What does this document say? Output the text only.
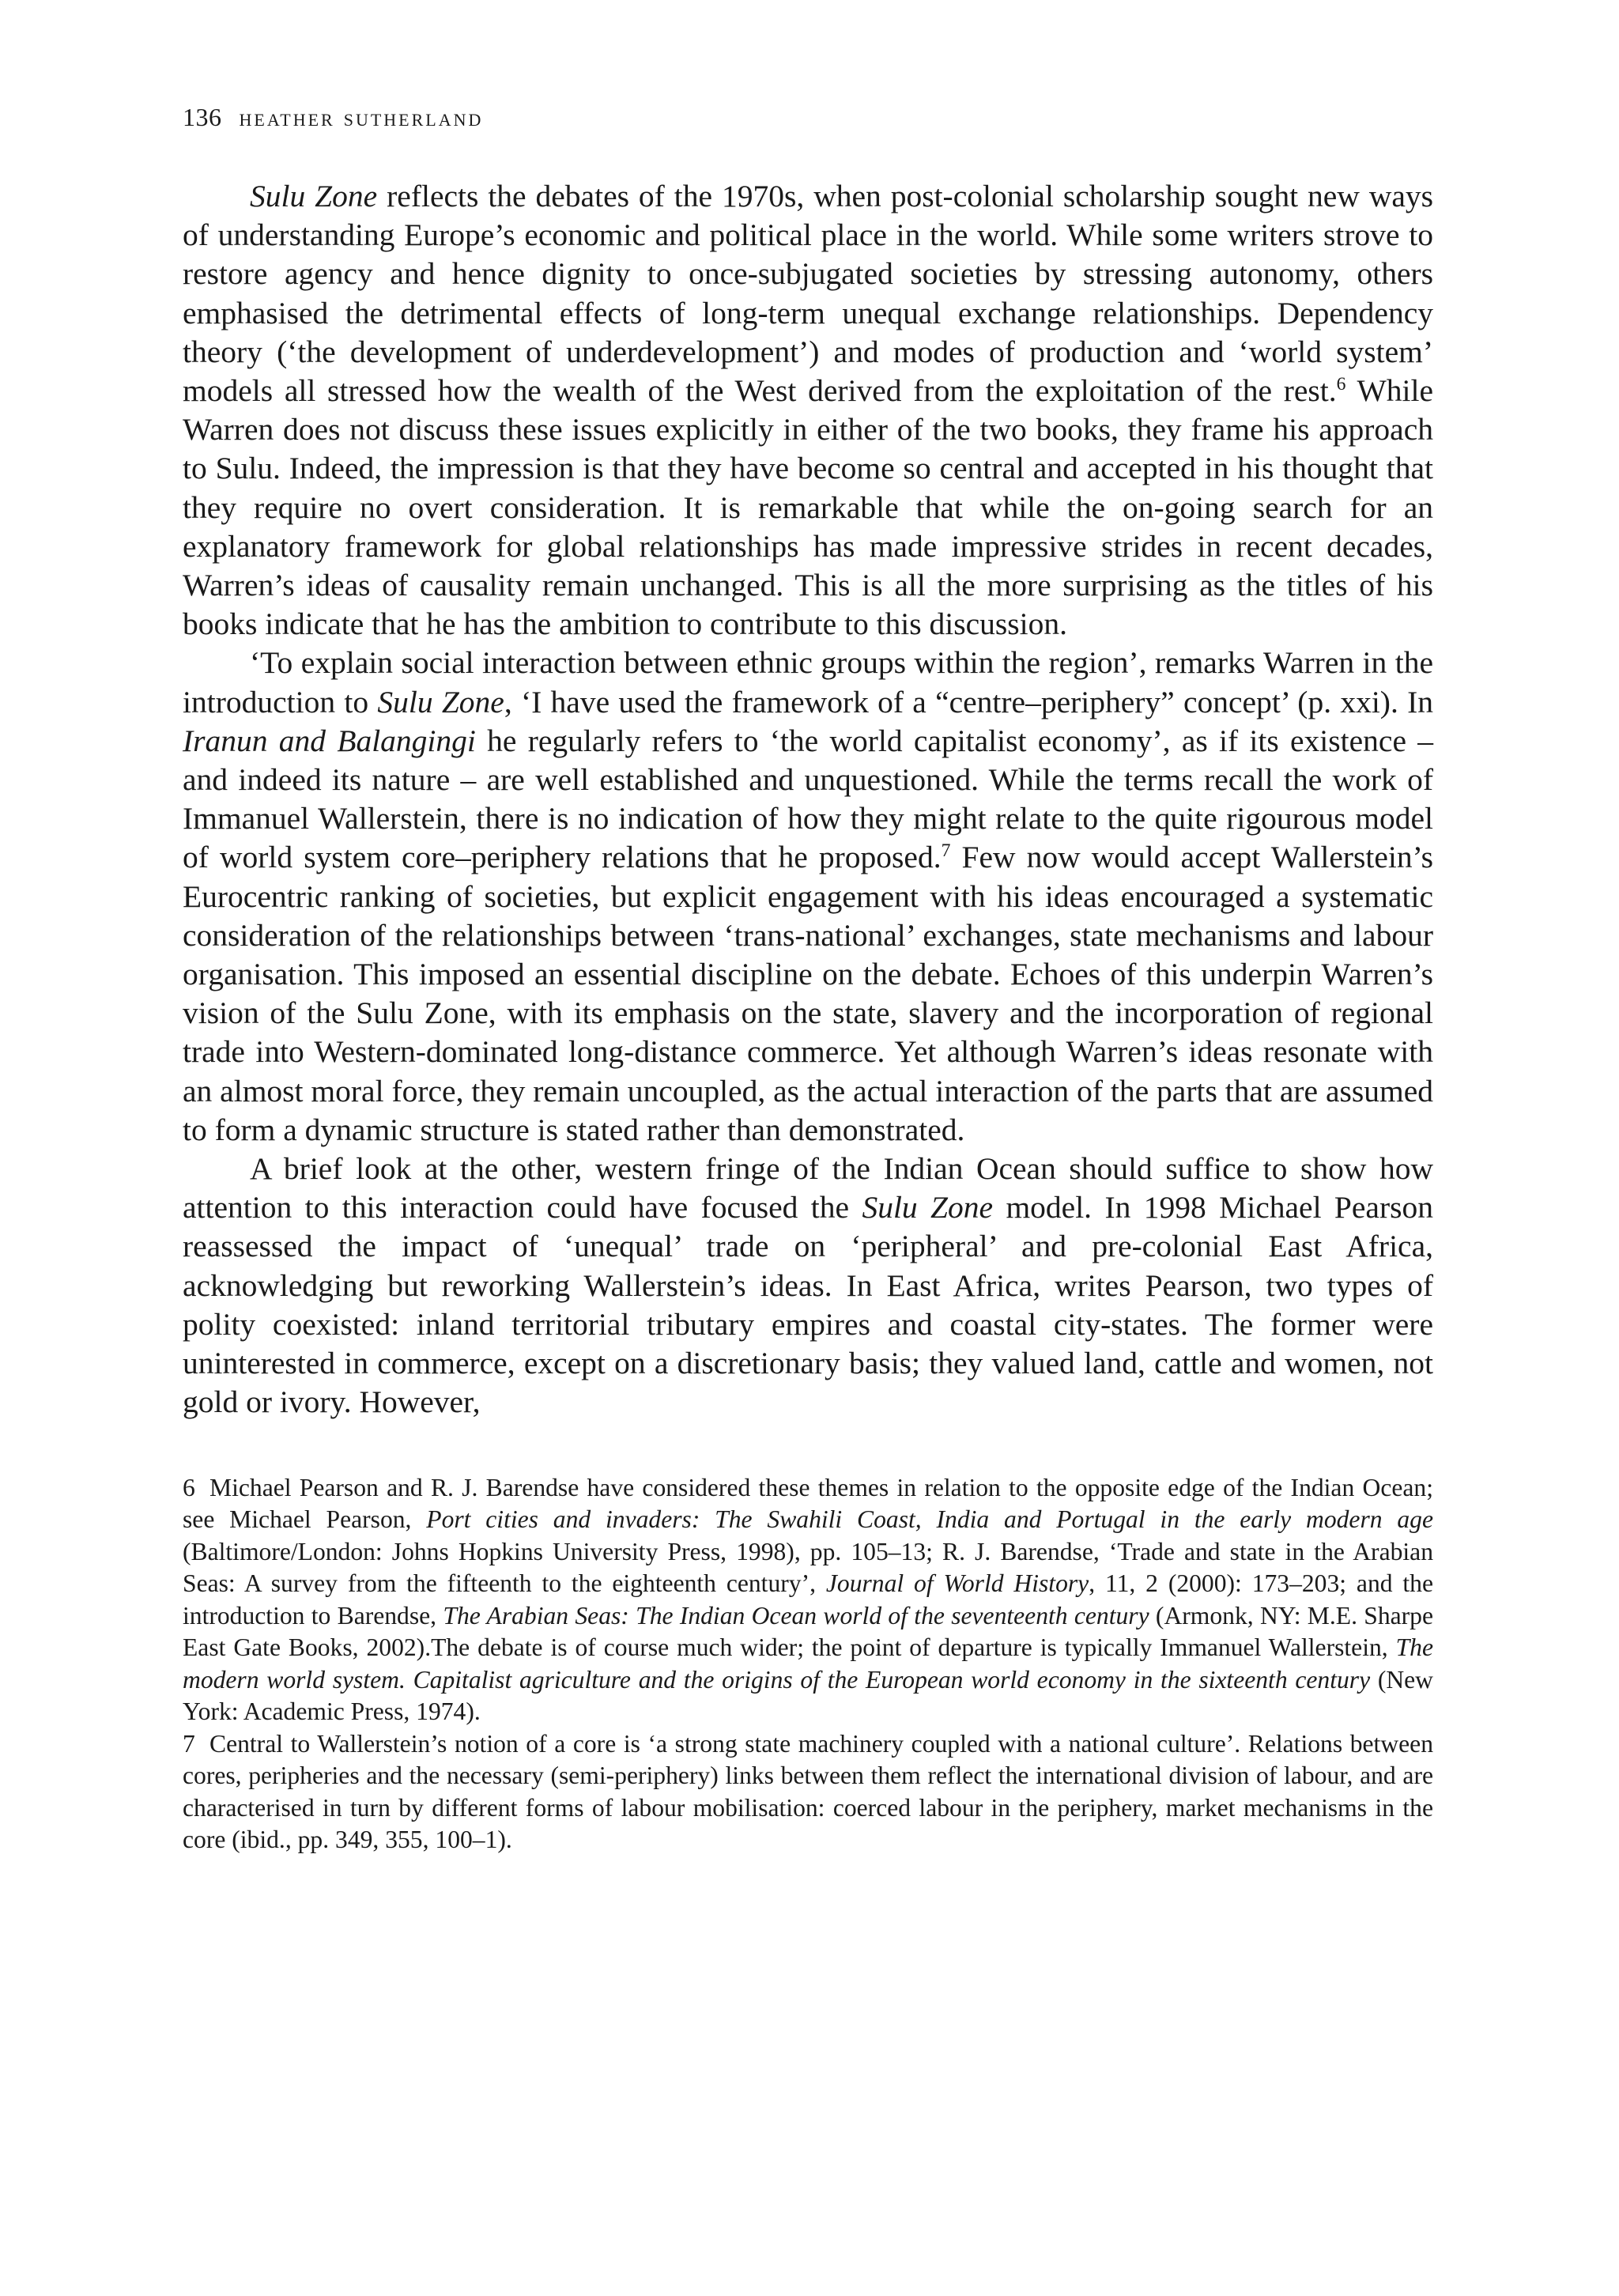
136 heather sutherland

Sulu Zone reflects the debates of the 1970s, when post-colonial scholarship sought new ways of understanding Europe’s economic and political place in the world. While some writers strove to restore agency and hence dignity to once-subjugated societies by stressing autonomy, others emphasised the detrimental effects of long-term unequal exchange relationships. Dependency theory (‘the development of underdevelopment’) and modes of production and ‘world system’ models all stressed how the wealth of the West derived from the exploitation of the rest.$^6$ While Warren does not discuss these issues explicitly in either of the two books, they frame his approach to Sulu. Indeed, the impression is that they have become so central and accepted in his thought that they require no overt consideration. It is remarkable that while the on-going search for an explanatory framework for global relationships has made impressive strides in recent decades, Warren’s ideas of causality remain unchanged. This is all the more surprising as the titles of his books indicate that he has the ambition to contribute to this discussion.

‘To explain social interaction between ethnic groups within the region’, remarks Warren in the introduction to Sulu Zone, ‘I have used the framework of a “centre–periphery” concept’ (p. xxi). In Iranun and Balangingi he regularly refers to ‘the world capitalist economy’, as if its existence – and indeed its nature – are well established and unquestioned. While the terms recall the work of Immanuel Wallerstein, there is no indication of how they might relate to the quite rigourous model of world system core–periphery relations that he proposed.$^7$ Few now would accept Wallerstein’s Eurocentric ranking of societies, but explicit engagement with his ideas encouraged a systematic consideration of the relationships between ‘trans-national’ exchanges, state mechanisms and labour organisation. This imposed an essential discipline on the debate. Echoes of this underpin Warren’s vision of the Sulu Zone, with its emphasis on the state, slavery and the incorporation of regional trade into Western-dominated long-distance commerce. Yet although Warren’s ideas resonate with an almost moral force, they remain uncoupled, as the actual interaction of the parts that are assumed to form a dynamic structure is stated rather than demonstrated.

A brief look at the other, western fringe of the Indian Ocean should suffice to show how attention to this interaction could have focused the Sulu Zone model. In 1998 Michael Pearson reassessed the impact of ‘unequal’ trade on ‘peripheral’ and pre-colonial East Africa, acknowledging but reworking Wallerstein’s ideas. In East Africa, writes Pearson, two types of polity coexisted: inland territorial tributary empires and coastal city-states. The former were uninterested in commerce, except on a discretionary basis; they valued land, cattle and women, not gold or ivory. However,

6 Michael Pearson and R. J. Barendse have considered these themes in relation to the opposite edge of the Indian Ocean; see Michael Pearson, Port cities and invaders: The Swahili Coast, India and Portugal in the early modern age (Baltimore/London: Johns Hopkins University Press, 1998), pp. 105–13; R. J. Barendse, ‘Trade and state in the Arabian Seas: A survey from the fifteenth to the eighteenth century’, Journal of World History, 11, 2 (2000): 173–203; and the introduction to Barendse, The Arabian Seas: The Indian Ocean world of the seventeenth century (Armonk, NY: M.E. Sharpe East Gate Books, 2002).The debate is of course much wider; the point of departure is typically Immanuel Wallerstein, The modern world system. Capitalist agriculture and the origins of the European world economy in the sixteenth century (New York: Academic Press, 1974).

7 Central to Wallerstein’s notion of a core is ‘a strong state machinery coupled with a national culture’. Relations between cores, peripheries and the necessary (semi-periphery) links between them reflect the international division of labour, and are characterised in turn by different forms of labour mobilisation: coerced labour in the periphery, market mechanisms in the core (ibid., pp. 349, 355, 100–1).
